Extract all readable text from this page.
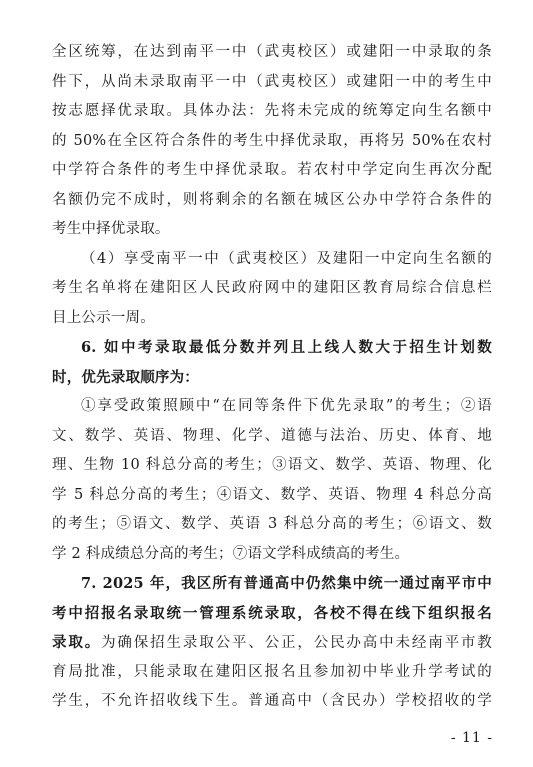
全区统筹，在达到南平一中（武夷校区）或建阳一中录取的条
件下，从尚未录取南平一中（武夷校区）或建阳一中的考生中
按志愿择优录取。具体办法：先将未完成的统筹定向生名额中
的 50%在全区符合条件的考生中择优录取，再将另 50%在农村
中学符合条件的考生中择优录取。若农村中学定向生再次分配
名额仍完不成时，则将剩余的名额在城区公办中学符合条件的
考生中择优录取。
（4）享受南平一中（武夷校区）及建阳一中定向生名额的
考生名单将在建阳区人民政府网中的建阳区教育局综合信息栏
目上公示一周。
6. 如中考录取最低分数并列且上线人数大于招生计划数
时，优先录取顺序为：
①享受政策照顾中“在同等条件下优先录取”的考生；②语
文、数学、英语、物理、化学、道德与法治、历史、体育、地
理、生物 10 科总分高的考生；③语文、数学、英语、物理、化
学 5 科总分高的考生；④语文、数学、英语、物理 4 科总分高
的考生；⑤语文、数学、英语 3 科总分高的考生；⑥语文、数
学 2 科成绩总分高的考生；⑦语文学科成绩高的考生。
7. 2025 年，我区所有普通高中仍然集中统一通过南平市中
考中招报名录取统一管理系统录取，各校不得在线下组织报名
录取。为确保招生录取公平、公正，公民办高中未经南平市教
育局批准，只能录取在建阳区报名且参加初中毕业升学考试的
学生，不允许招收线下生。普通高中（含民办）学校招收的学
- 11 -
